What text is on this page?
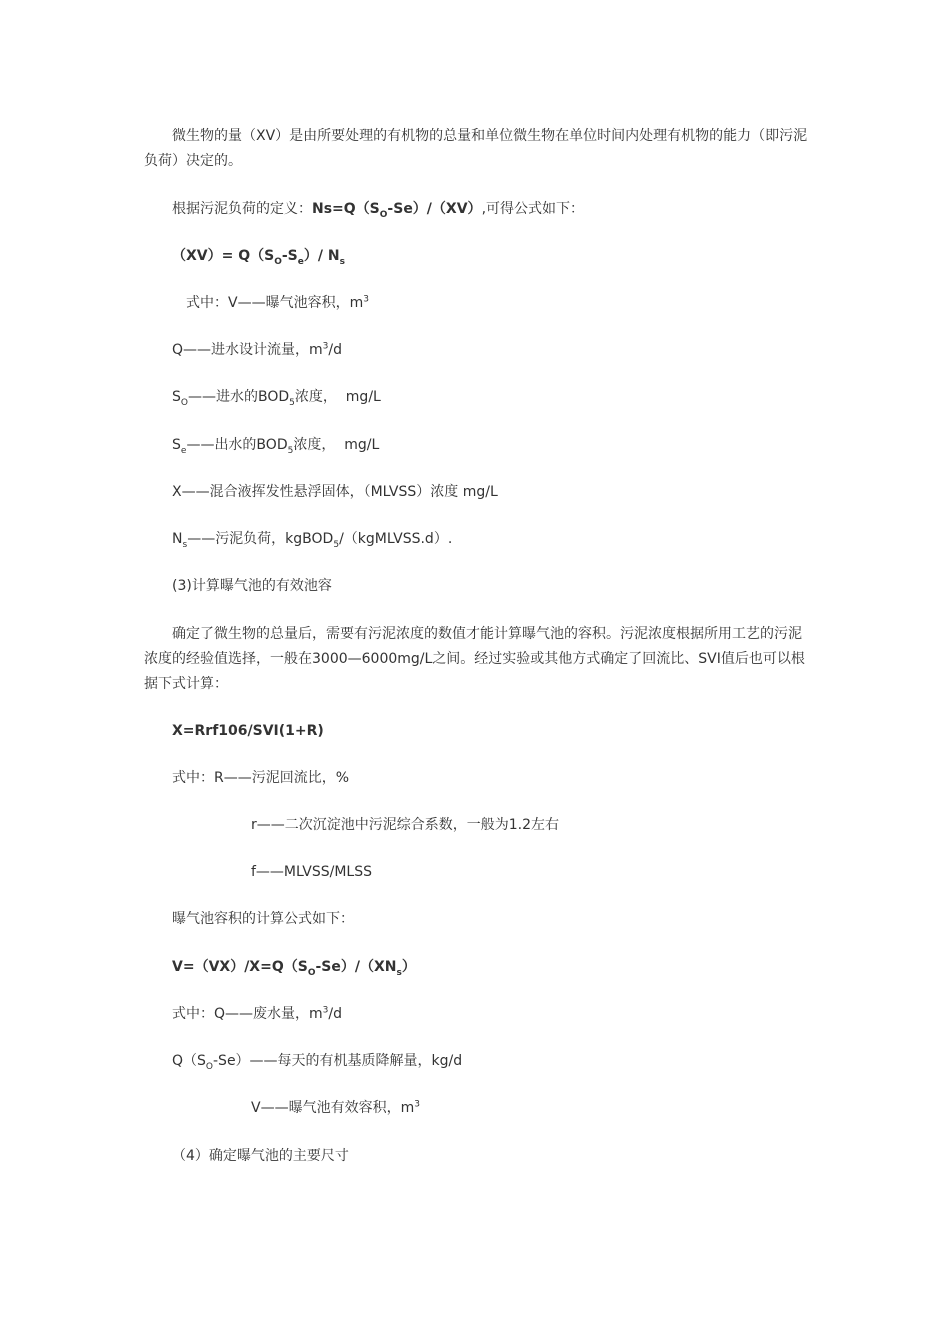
微生物的量（XV）是由所要处理的有机物的总量和单位微生物在单位时间内处理有机物的能力（即污泥负荷）决定的。
根据污泥负荷的定义：$Ns=Q(S_O-Se)/(XV)$,可得公式如下：
$(XV)= Q(S_O-S_e)/$ $N_s$
式中：V——曝气池容积，$m^3$
Q——进水设计流量，$m^3/d$
$S_O——$进水的$BOD_5$浓度，  mg/L
$S_e——$出水的$BOD_5$浓度，  mg/L
X——混合液挥发性悬浮固体，（MLVSS）浓度 mg/L
$N_s——$污泥负荷，kgBOD$_5$/（kgMLVSS.d）.
(3)计算曝气池的有效池容
确定了微生物的总量后，需要有污泥浓度的数值才能计算曝气池的容积。污泥浓度根据所用工艺的污泥浓度的经验值选择，一般在3000—6000mg/L之间。经过实验或其他方式确定了回流比、SVI值后也可以根据下式计算：
X=Rrf106/SVI(1+R)
式中：R——污泥回流比，%
r——二次沉淀池中污泥综合系数，一般为1.2左右
f——MLVSS/MLSS
曝气池容积的计算公式如下：
$V=(VX)/X=Q(S_O-Se)/(XN_s)$
式中：Q——废水量，$m^3/d$
$Q(S_O-Se)——$每天的有机基质降解量，kg/d
V——曝气池有效容积，$m^3$
（4）确定曝气池的主要尺寸
